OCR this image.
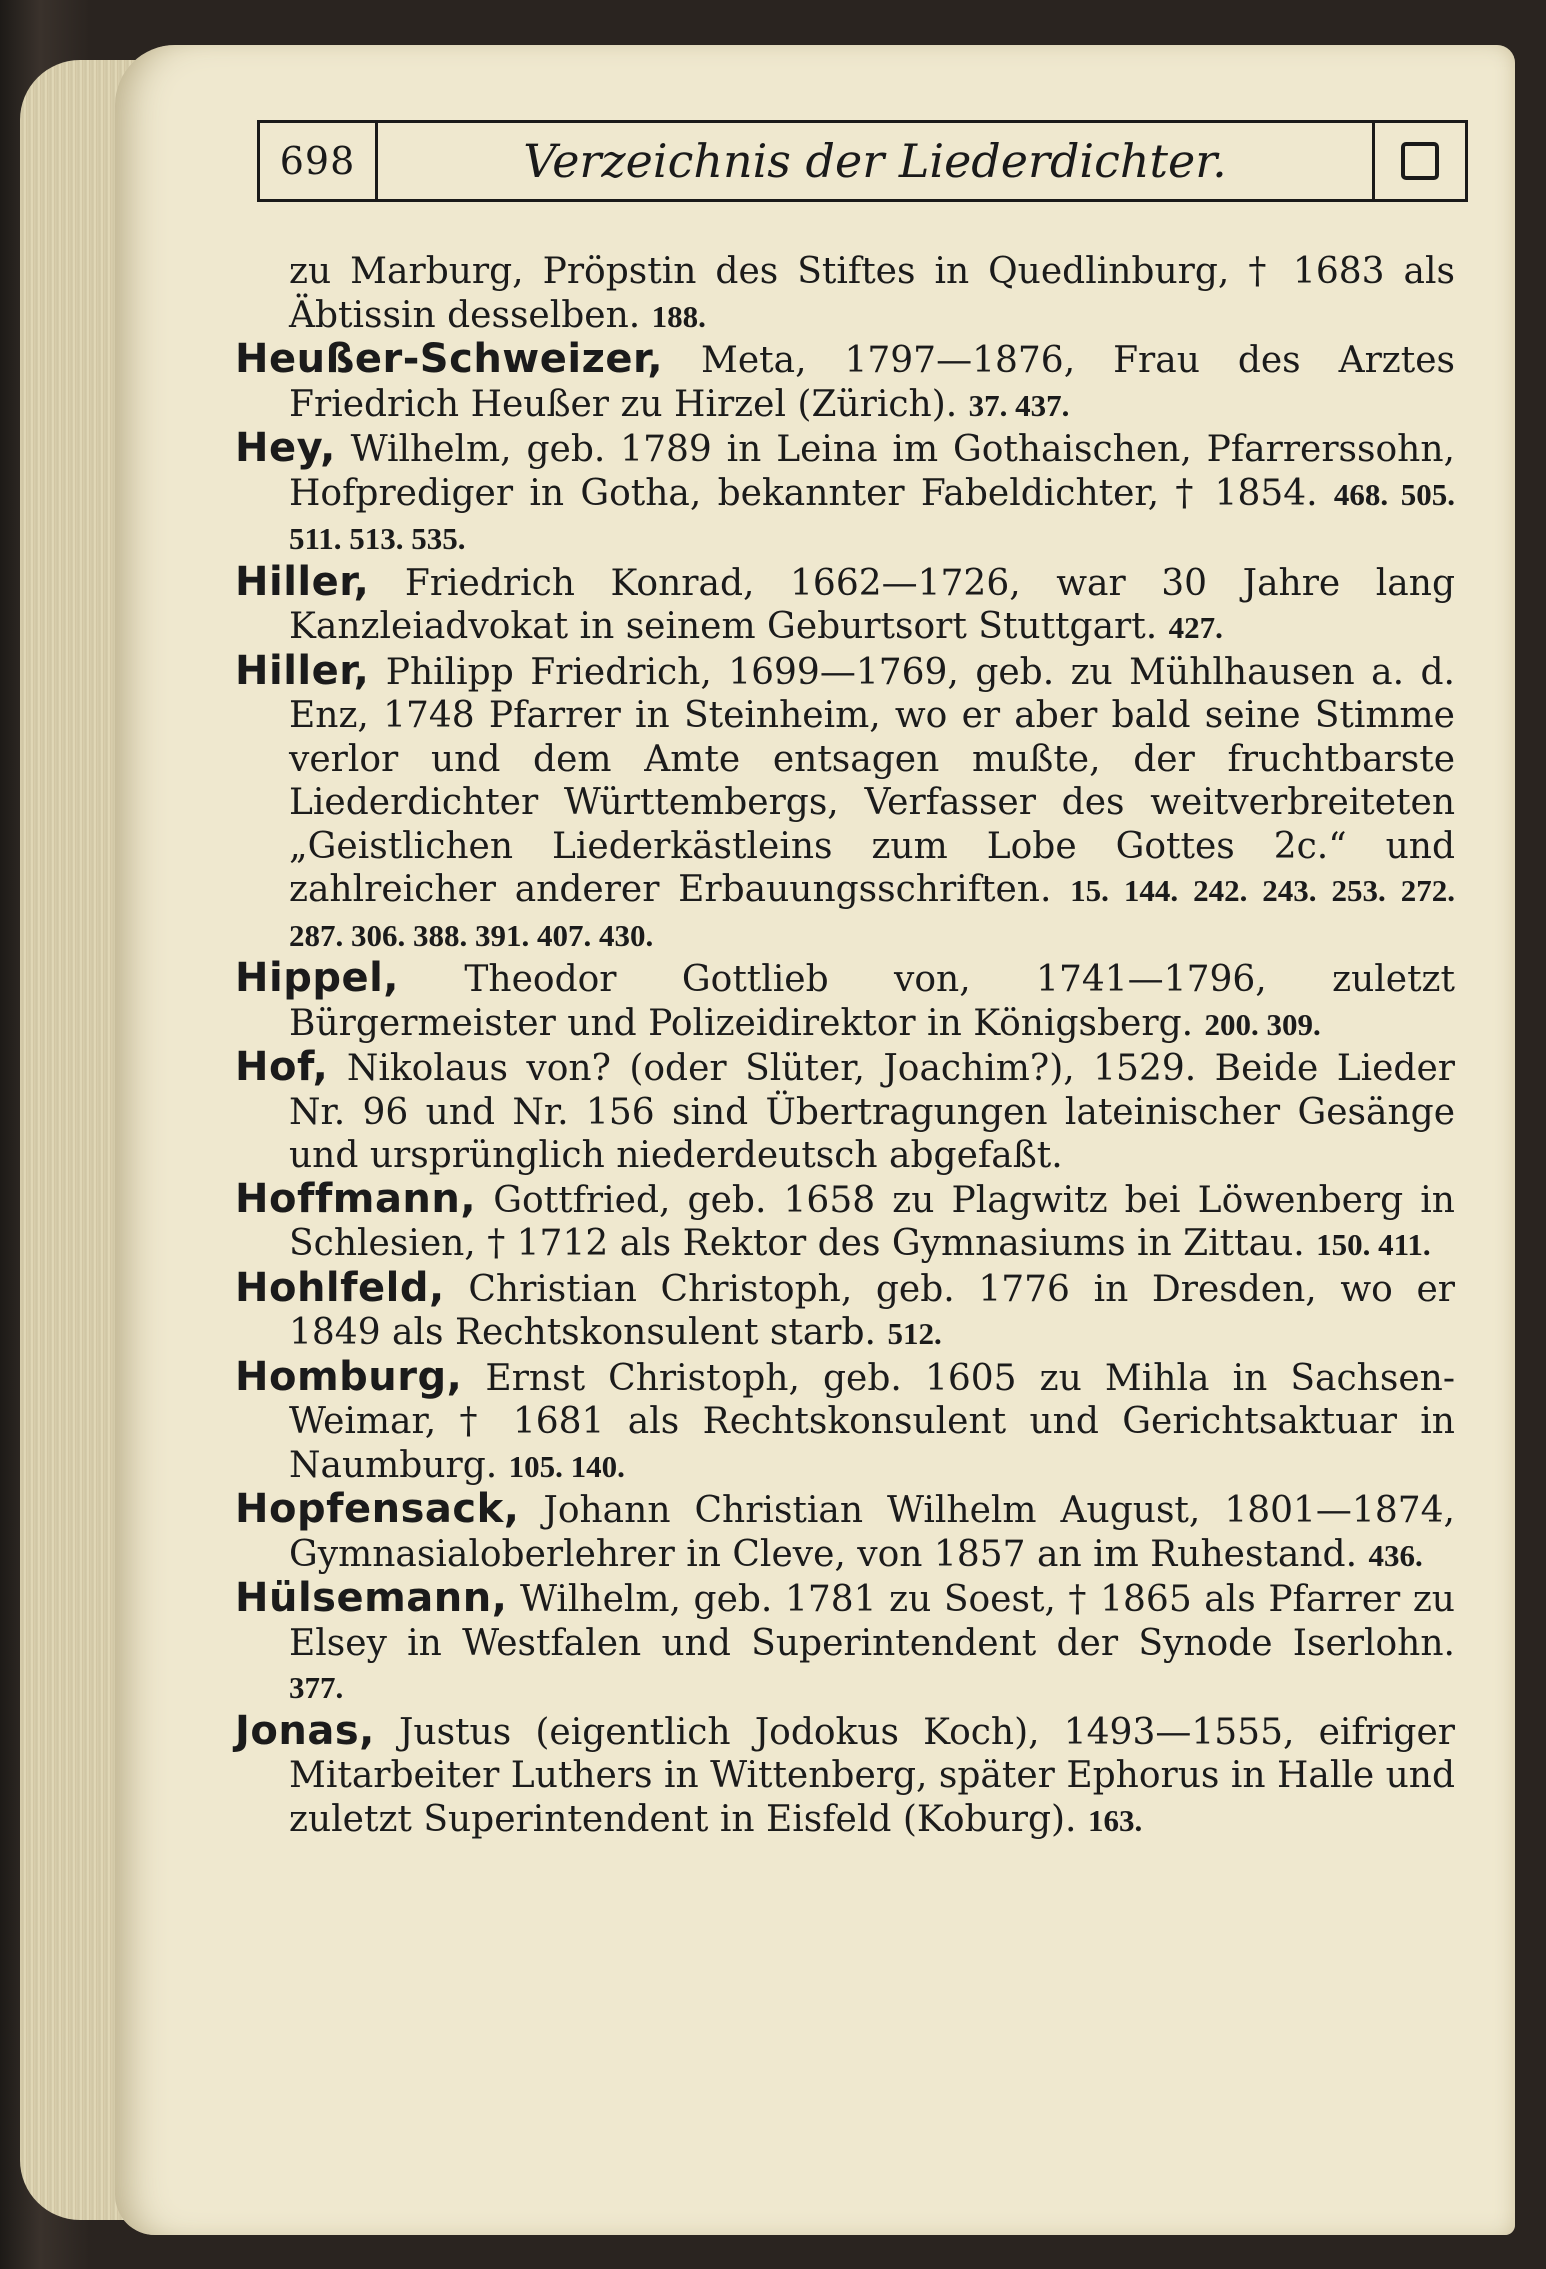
698	Verzeichnis der Liederdichter.

zu Marburg, Pröpstin des Stiftes in Quedlinburg, † 1683 als Äbtissin desselben. 188.

Heußer-Schweizer, Meta, 1797—1876, Frau des Arztes Friedrich Heußer zu Hirzel (Zürich). 37. 437.

Hey, Wilhelm, geb. 1789 in Leina im Gothaischen, Pfarrerssohn, Hofprediger in Gotha, bekannter Fabeldichter, † 1854. 468. 505. 511. 513. 535.

Hiller, Friedrich Konrad, 1662—1726, war 30 Jahre lang Kanzleiadvokat in seinem Geburtsort Stuttgart. 427.

Hiller, Philipp Friedrich, 1699—1769, geb. zu Mühlhausen a. d. Enz, 1748 Pfarrer in Steinheim, wo er aber bald seine Stimme verlor und dem Amte entsagen mußte, der fruchtbarste Liederdichter Württembergs, Verfasser des weitverbreiteten „Geistlichen Liederkästleins zum Lobe Gottes 2c.“ und zahlreicher anderer Erbauungsschriften. 15. 144. 242. 243. 253. 272. 287. 306. 388. 391. 407. 430.

Hippel, Theodor Gottlieb von, 1741—1796, zuletzt Bürgermeister und Polizeidirektor in Königsberg. 200. 309.

Hof, Nikolaus von? (oder Slüter, Joachim?), 1529. Beide Lieder Nr. 96 und Nr. 156 sind Übertragungen lateinischer Gesänge und ursprünglich niederdeutsch abgefaßt.

Hoffmann, Gottfried, geb. 1658 zu Plagwitz bei Löwenberg in Schlesien, † 1712 als Rektor des Gymnasiums in Zittau. 150. 411.

Hohlfeld, Christian Christoph, geb. 1776 in Dresden, wo er 1849 als Rechtskonsulent starb. 512.

Homburg, Ernst Christoph, geb. 1605 zu Mihla in Sachsen-Weimar, † 1681 als Rechtskonsulent und Gerichtsaktuar in Naumburg. 105. 140.

Hopfensack, Johann Christian Wilhelm August, 1801—1874, Gymnasialoberlehrer in Cleve, von 1857 an im Ruhestand. 436.

Hülsemann, Wilhelm, geb. 1781 zu Soest, † 1865 als Pfarrer zu Elsey in Westfalen und Superintendent der Synode Iserlohn. 377.

Jonas, Justus (eigentlich Jodokus Koch), 1493—1555, eifriger Mitarbeiter Luthers in Wittenberg, später Ephorus in Halle und zuletzt Superintendent in Eisfeld (Koburg). 163.
